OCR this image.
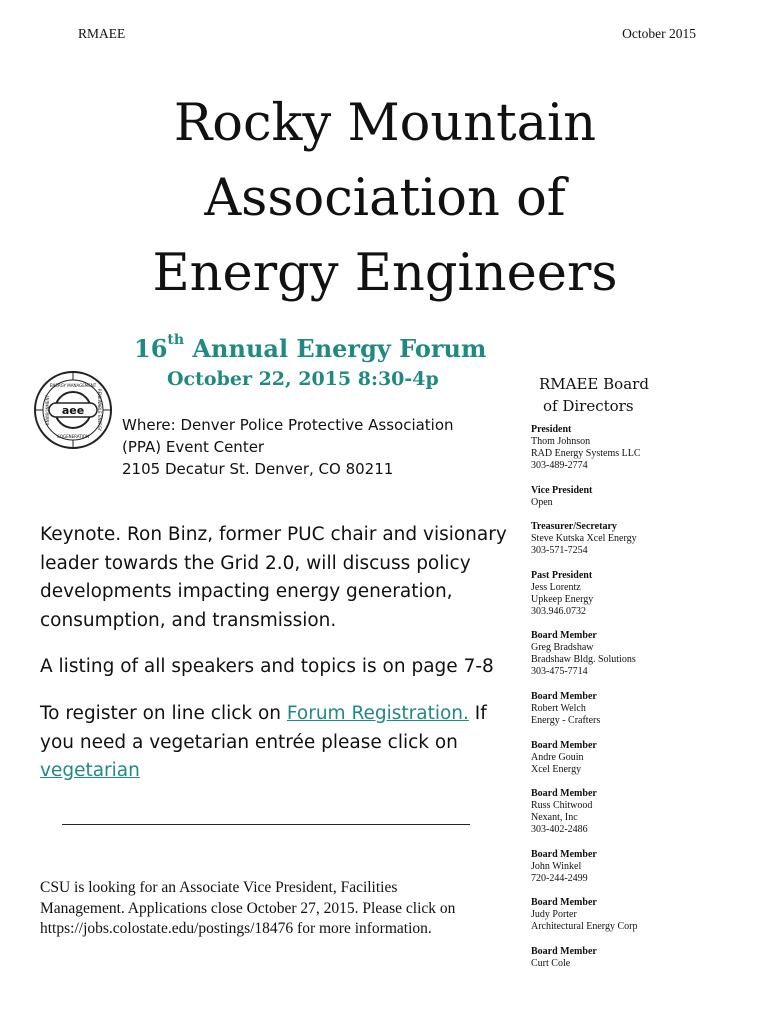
RMAEE	October 2015
Rocky Mountain
Association of
Energy Engineers
16th Annual Energy Forum
October 22, 2015 8:30-4p
aee
ENERGY MANAGEMENT
COGENERATION
ENVIRONMENT	RENEWABLE ENERGY Where: Denver Police Protective Association
(PPA) Event Center
2105 Decatur St. Denver, CO 80211
Keynote. Ron Binz, former PUC chair and visionary
leader towards the Grid 2.0, will discuss policy
developments impacting energy generation,
consumption, and transmission.
A listing of all speakers and topics is on page 7-8
To register on line click on Forum Registration. If
you need a vegetarian entrée please click on
vegetarian
CSU is looking for an Associate Vice President, Facilities
Management. Applications close October 27, 2015. Please click on
https://jobs.colostate.edu/postings/18476 for more information.
RMAEE Board
of Directors
President
Thom Johnson
RAD Energy Systems LLC
303-489-2774
Vice President
Open
Treasurer/Secretary
Steve Kutska Xcel Energy
303-571-7254
Past President
Jess Lorentz
Upkeep Energy
303.946.0732
Board Member
Greg Bradshaw
Bradshaw Bldg. Solutions
303-475-7714
Board Member
Robert Welch
Energy - Crafters
Board Member
Andre Gouin
Xcel Energy
Board Member
Russ Chitwood
Nexant, Inc
303-402-2486
Board Member
John Winkel
720-244-2499
Board Member
Judy Porter
Architectural Energy Corp
Board Member
Curt Cole
